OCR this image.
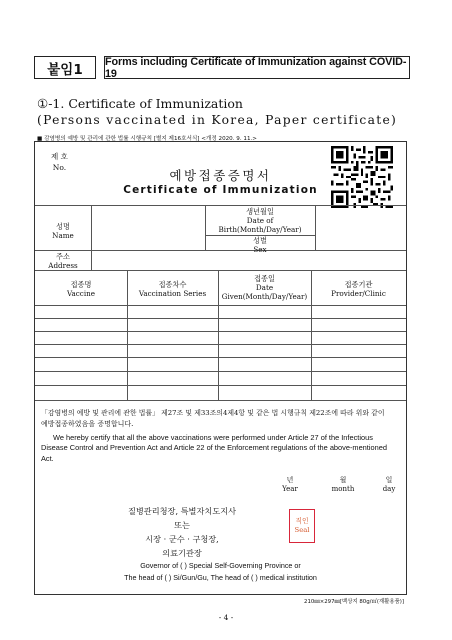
붙임1	Forms including Certificate of Immunization against COVID-19
①-1. Certificate of Immunization
(Persons vaccinated in Korea, Paper certificate)
■ 감염병의 예방 및 관리에 관한 법률 시행규칙 [별지 제16호서식] <개정 2020. 9. 11.>
제 호
No.
예방접종증명서
Certificate of Immunization
성명
Name
생년월일
Date of
Birth(Month/Day/Year)
성별
Sex
주소
Address
접종명
Vaccine
접종차수
Vaccination Series
접종일
Date
Given(Month/Day/Year)
접종기관
Provider/Clinic
「감염병의 예방 및 관리에 관한 법률」 제27조 및 제33조의4제4항 및 같은 법 시행규칙 제22조에 따라 위와 같이
예방접종하였음을 증명합니다.
We hereby certify that all the above vaccinations were performed under Article 27 of the Infectious Disease Control and Prevention Act and Article 22 of the Enforcement regulations of the above-mentioned Act.
년
Year
월
month
일
day
질병관리청장, 특별자치도지사
또는
시장 · 군수 · 구청장,
의료기관장
직인
Seal
Governor of ( ) Special Self-Governing Province or
The head of ( ) Si/Gun/Gu, The head of ( ) medical institution
210㎜×297㎜[백상지 80g/㎡(재활용품)]
- 4 -
